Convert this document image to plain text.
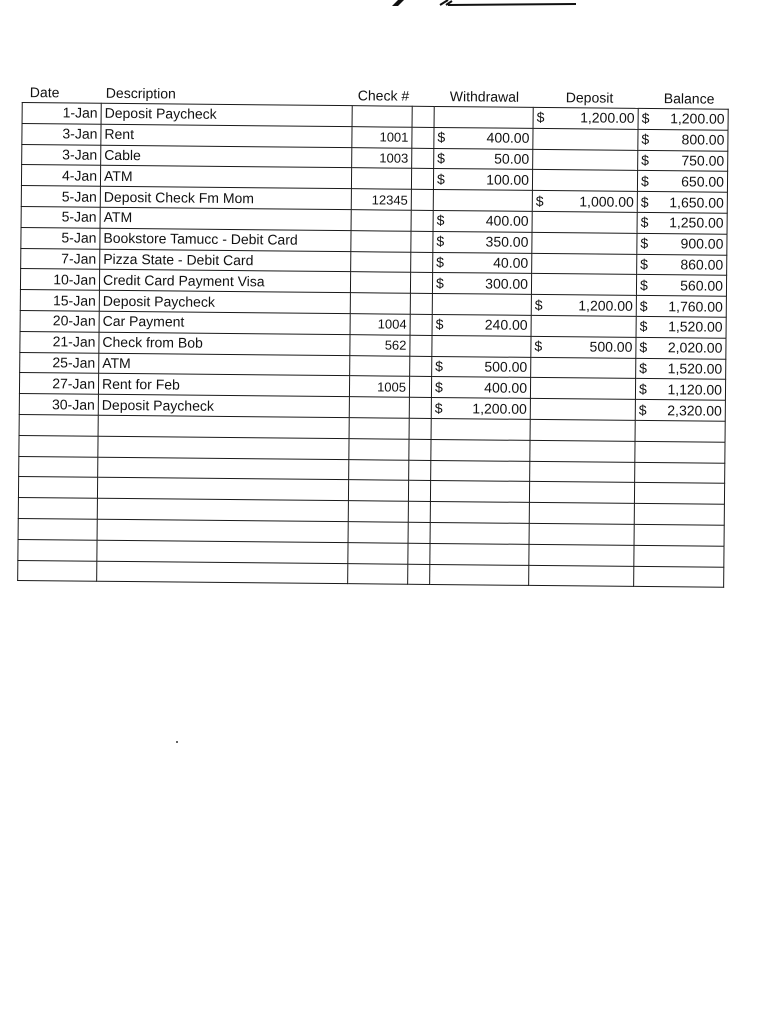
Date	Description	Check #	Withdrawal	Deposit	Balance
1-Jan	Deposit Paycheck				$ 1,200.00	$ 1,200.00

3-Jan	Rent	1001		$ 400.00		$ 800.00

3-Jan	Cable	1003		$ 50.00		$ 750.00

4-Jan	ATM			$ 100.00		$ 650.00

5-Jan	Deposit Check Fm Mom	12345			$ 1,000.00	$ 1,650.00

5-Jan	ATM			$ 400.00		$ 1,250.00

5-Jan	Bookstore Tamucc - Debit Card			$ 350.00		$ 900.00

7-Jan	Pizza State - Debit Card			$ 40.00		$ 860.00

10-Jan	Credit Card Payment Visa			$ 300.00		$ 560.00

15-Jan	Deposit Paycheck				$ 1,200.00	$ 1,760.00

20-Jan	Car Payment	1004		$ 240.00		$ 1,520.00

21-Jan	Check from Bob	562			$ 500.00	$ 2,020.00

25-Jan	ATM			$ 500.00		$ 1,520.00

27-Jan	Rent for Feb	1005		$ 400.00		$ 1,120.00

30-Jan	Deposit Paycheck			$ 1,200.00		$ 2,320.00
